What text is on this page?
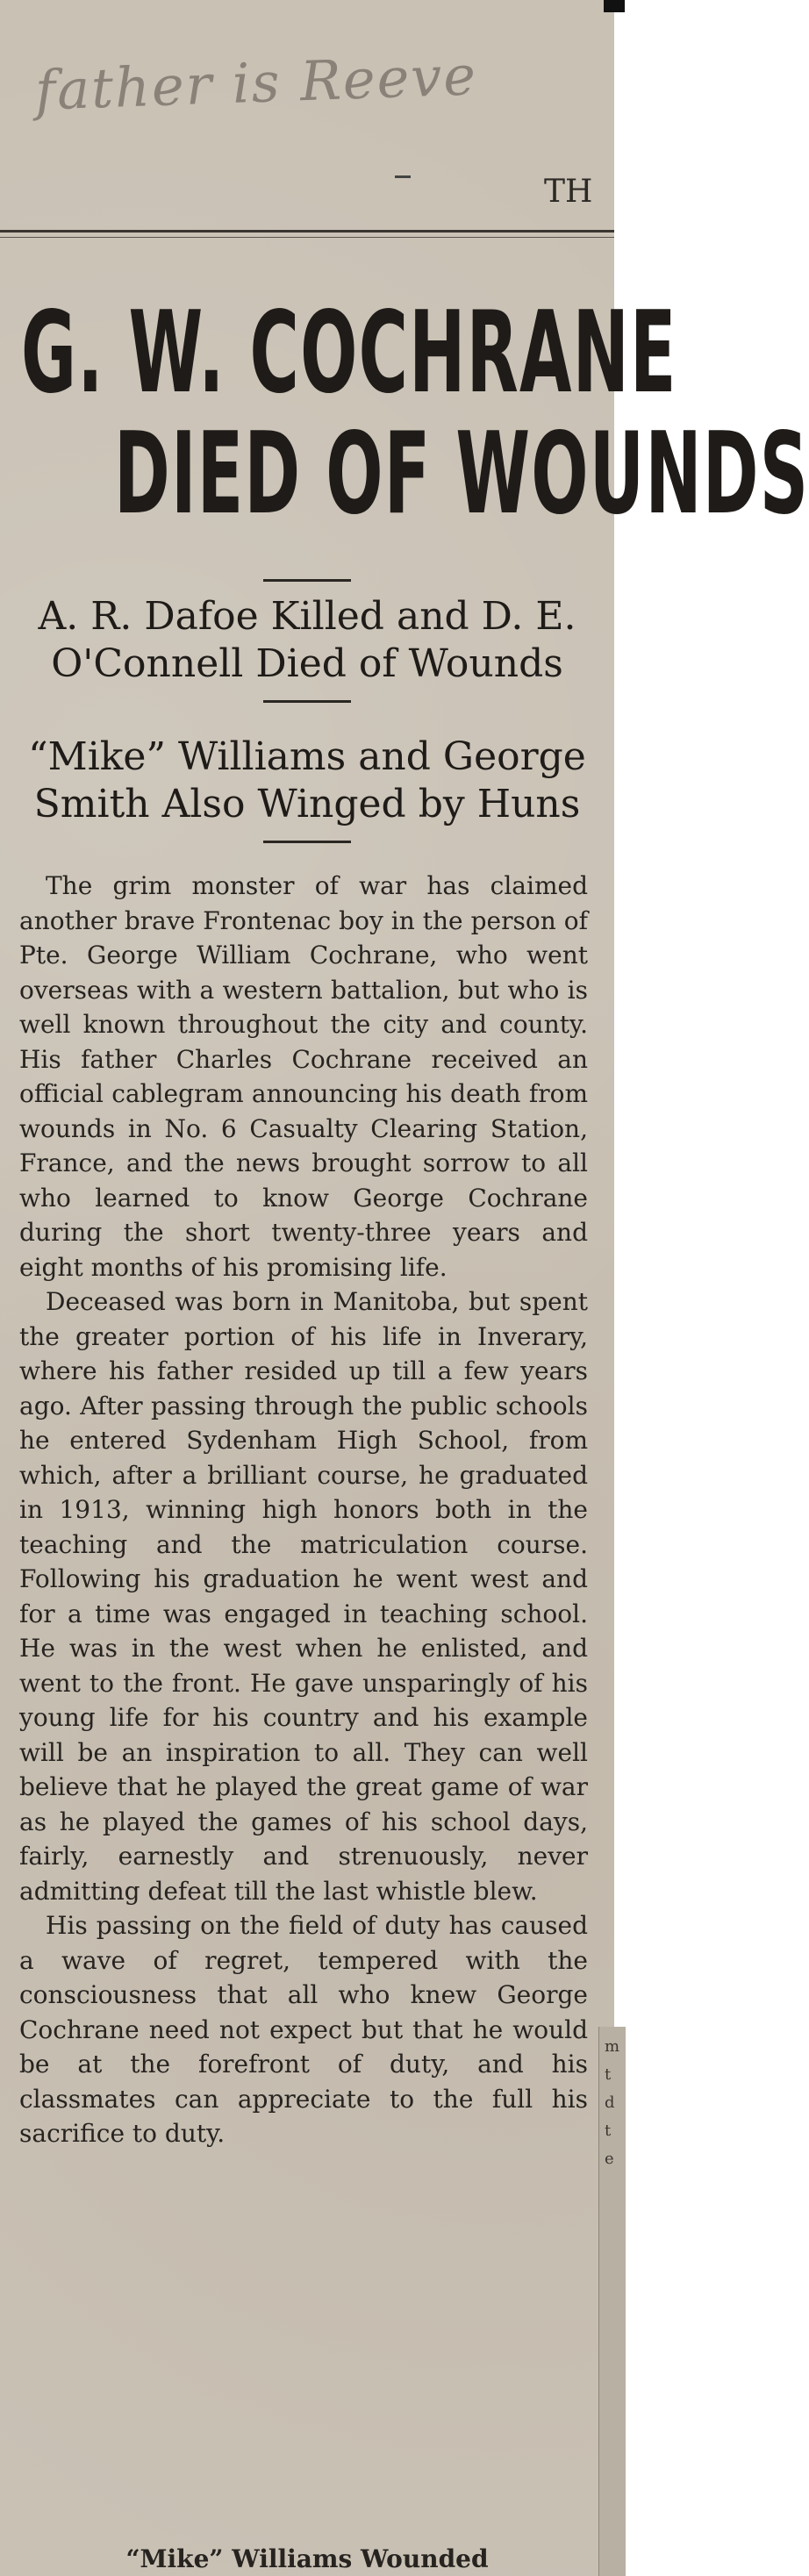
father is Reeve
TH
G. W. COCHRANE
DIED OF WOUNDS
A. R. Dafoe Killed and D. E.
O'Connell Died of Wounds
“Mike” Williams and George
Smith Also Winged by Huns

The grim monster of war has claimed another brave Frontenac boy in the person of Pte. George William Cochrane, who went overseas with a western battalion, but who is well known throughout the city and county. His father Charles Cochrane received an official cablegram announcing his death from wounds in No. 6 Casualty Clearing Station, France, and the news brought sorrow to all who learned to know George Cochrane during the short twenty-three years and eight months of his promising life.

Deceased was born in Manitoba, but spent the greater portion of his life in Inverary, where his father resided up till a few years ago. After passing through the public schools he entered Sydenham High School, from which, after a brilliant course, he graduated in 1913, winning high honors both in the teaching and the matriculation course. Following his graduation he went west and for a time was engaged in teaching school. He was in the west when he enlisted, and went to the front. He gave unsparingly of his young life for his country and his example will be an inspiration to all. They can well believe that he played the great game of war as he played the games of his school days, fairly, earnestly and strenuously, never admitting defeat till the last whistle blew.

His passing on the field of duty has caused a wave of regret, tempered with the consciousness that all who knew George Cochrane need not expect but that he would be at the forefront of duty, and his classmates can appreciate to the full his sacrifice to duty.

“Mike” Williams Wounded
m
t
d
t
e
